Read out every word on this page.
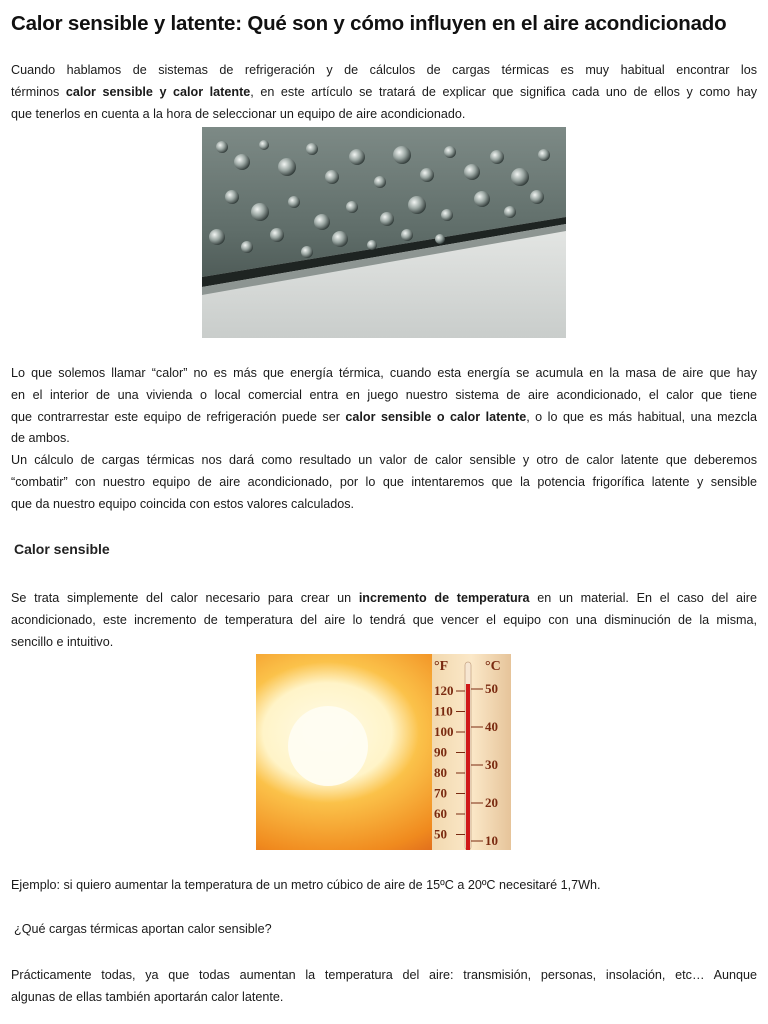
Calor sensible y latente: Qué son y cómo influyen en el aire acondicionado

Cuando hablamos de sistemas de refrigeración y de cálculos de cargas térmicas es muy habitual encontrar los
términos calor sensible y calor latente, en este artículo se tratará de explicar que significa cada uno de ellos y como hay
que tenerlos en cuenta a la hora de seleccionar un equipo de aire acondicionado.

Lo que solemos llamar “calor” no es más que energía térmica, cuando esta energía se acumula en la masa de aire que hay
en el interior de una vivienda o local comercial entra en juego nuestro sistema de aire acondicionado, el calor que tiene
que contrarrestar este equipo de refrigeración puede ser calor sensible o calor latente, o lo que es más habitual, una mezcla
de ambos.
Un cálculo de cargas térmicas nos dará como resultado un valor de calor sensible y otro de calor latente que deberemos
“combatir” con nuestro equipo de aire acondicionado, por lo que intentaremos que la potencia frigorífica latente y sensible
que da nuestro equipo coincida con estos valores calculados.

Calor sensible

Se trata simplemente del calor necesario para crear un incremento de temperatura en un material. En el caso del aire
acondicionado, este incremento de temperatura del aire lo tendrá que vencer el equipo con una disminución de la misma,
sencillo e intuitivo.

°F	°C
120
110
100
90
80
70
60
50
50
40
30
20
10

Ejemplo: si quiero aumentar la temperatura de un metro cúbico de aire de 15ºC a 20ºC necesitaré 1,7Wh.

¿Qué cargas térmicas aportan calor sensible?

Prácticamente todas, ya que todas aumentan la temperatura del aire: transmisión, personas, insolación, etc… Aunque
algunas de ellas también aportarán calor latente.
